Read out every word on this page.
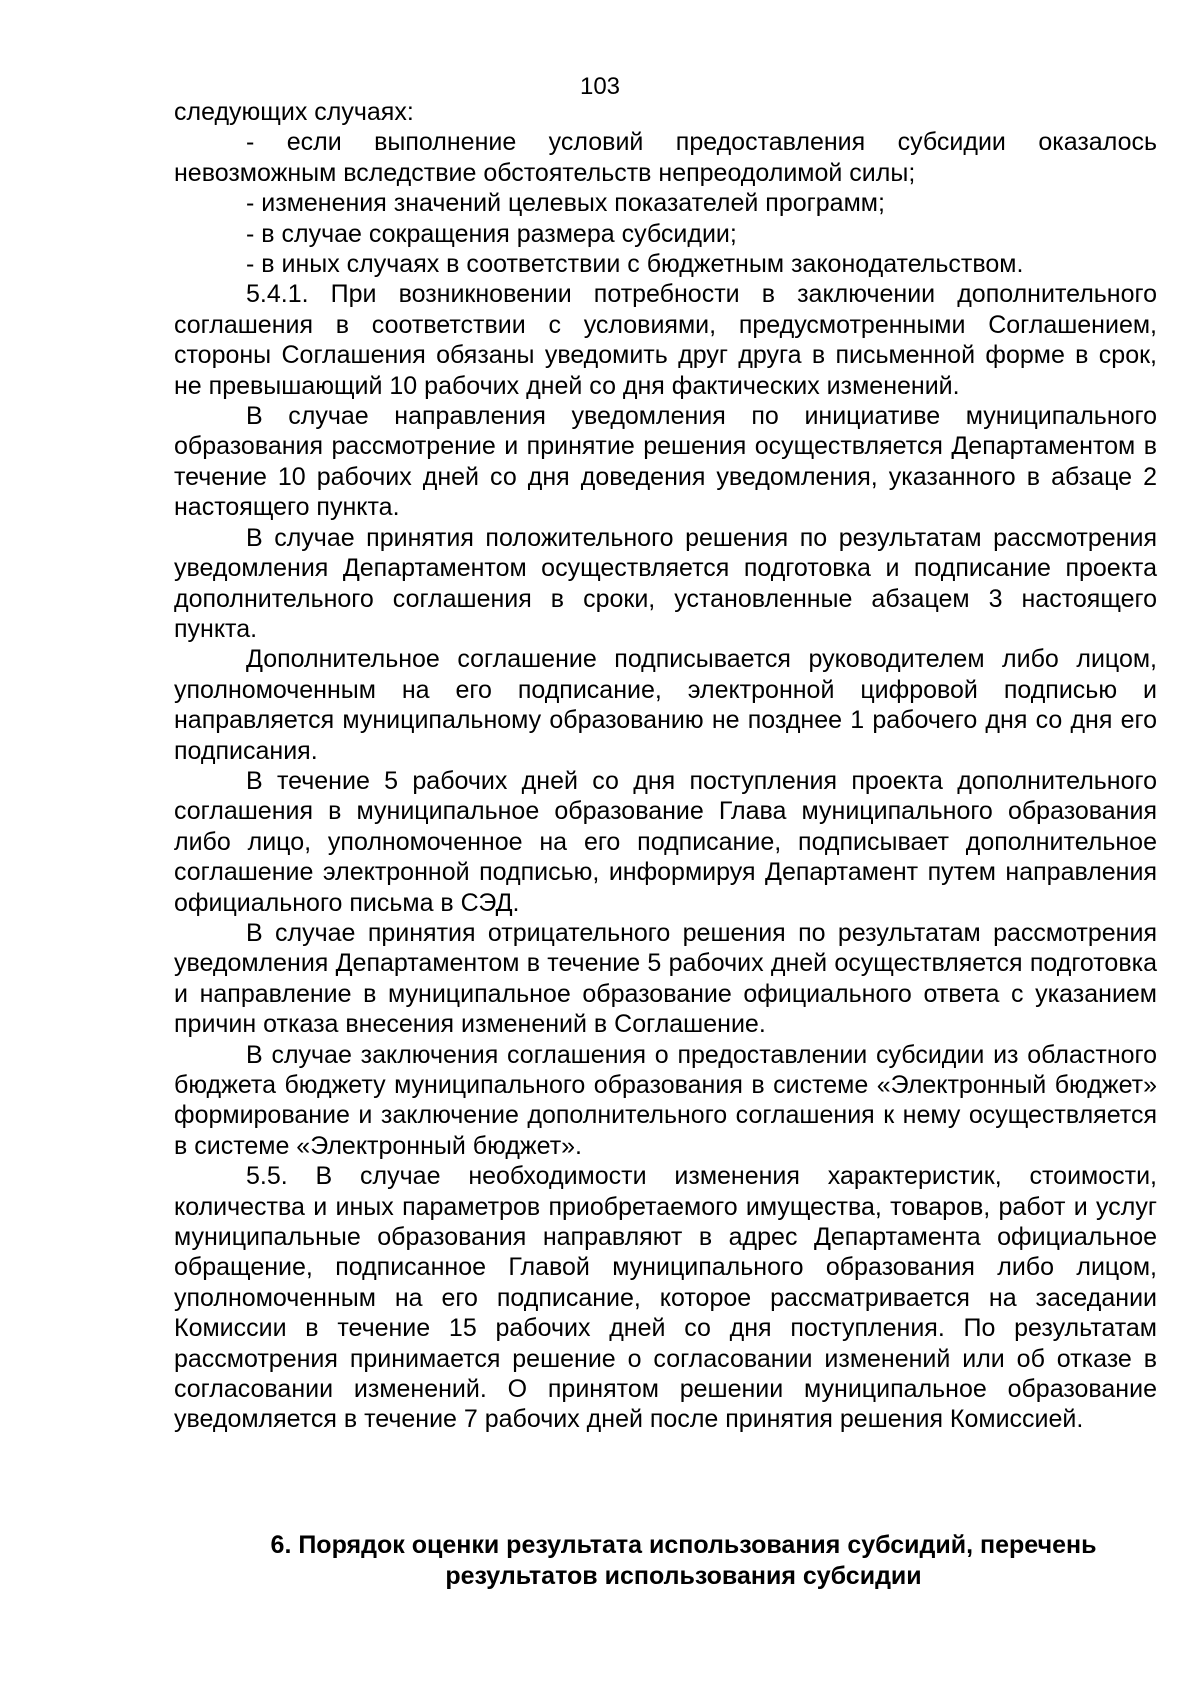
103

следующих случаях:

- если выполнение условий предоставления субсидии оказалось невозможным вследствие обстоятельств непреодолимой силы;

- изменения значений целевых показателей программ;

- в случае сокращения размера субсидии;

- в иных случаях в соответствии с бюджетным законодательством.

5.4.1. При возникновении потребности в заключении дополнительного соглашения в соответствии с условиями, предусмотренными Соглашением, стороны Соглашения обязаны уведомить друг друга в письменной форме в срок, не превышающий 10 рабочих дней со дня фактических изменений.

В случае направления уведомления по инициативе муниципального образования рассмотрение и принятие решения осуществляется Департаментом в течение 10 рабочих дней со дня доведения уведомления, указанного в абзаце 2 настоящего пункта.

В случае принятия положительного решения по результатам рассмотрения уведомления Департаментом осуществляется подготовка и подписание проекта дополнительного соглашения в сроки, установленные абзацем 3 настоящего пункта.

Дополнительное соглашение подписывается руководителем либо лицом, уполномоченным на его подписание, электронной цифровой подписью и направляется муниципальному образованию не позднее 1 рабочего дня со дня его подписания.

В течение 5 рабочих дней со дня поступления проекта дополнительного соглашения в муниципальное образование Глава муниципального образования либо лицо, уполномоченное на его подписание, подписывает дополнительное соглашение электронной подписью, информируя Департамент путем направления официального письма в СЭД.

В случае принятия отрицательного решения по результатам рассмотрения уведомления Департаментом в течение 5 рабочих дней осуществляется подготовка и направление в муниципальное образование официального ответа с указанием причин отказа внесения изменений в Соглашение.

В случае заключения соглашения о предоставлении субсидии из областного бюджета бюджету муниципального образования в системе «Электронный бюджет» формирование и заключение дополнительного соглашения к нему осуществляется в системе «Электронный бюджет».

5.5. В случае необходимости изменения характеристик, стоимости, количества и иных параметров приобретаемого имущества, товаров, работ и услуг муниципальные образования направляют в адрес Департамента официальное обращение, подписанное Главой муниципального образования либо лицом, уполномоченным на его подписание, которое рассматривается на заседании Комиссии в течение 15 рабочих дней со дня поступления. По результатам рассмотрения принимается решение о согласовании изменений или об отказе в согласовании изменений. О принятом решении муниципальное образование уведомляется в течение 7 рабочих дней после принятия решения Комиссией.

6. Порядок оценки результата использования субсидий, перечень
результатов использования субсидии
